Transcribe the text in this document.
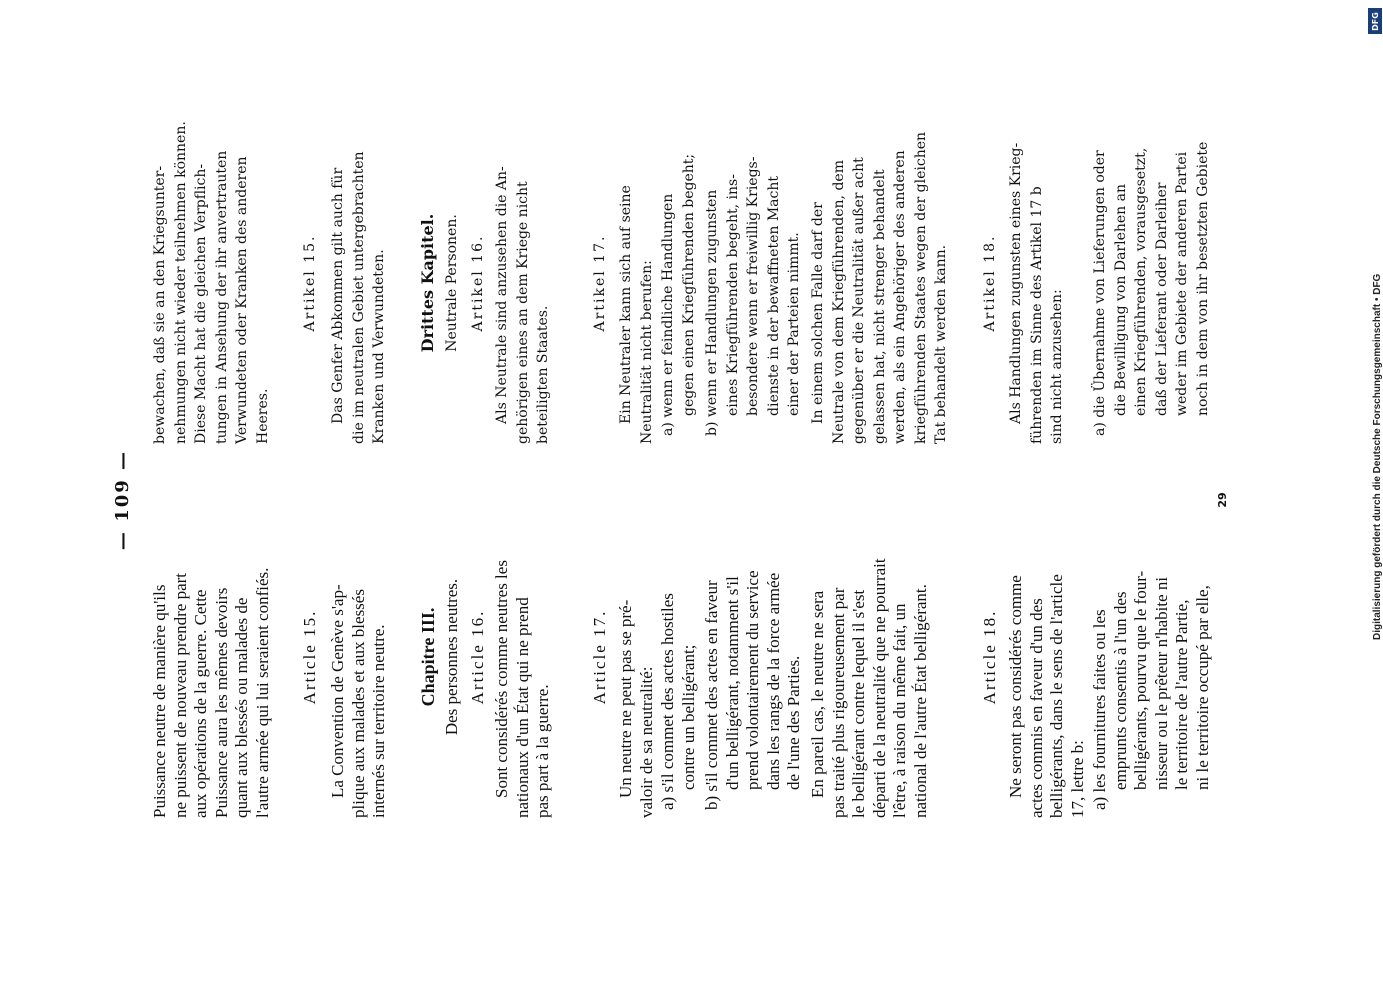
— 109 —
Puissance neutre de manière qu'ils ne puissent de nouveau prendre part aux opérations de la guerre. Cette Puissance aura les mêmes devoirs quant aux blessés ou malades de l'autre armée qui lui seraient confiés. Article 15. La Convention de Genève s'ap- plique aux malades et aux blessés internés sur territoire neutre. Chapitre III. Des personnes neutres. Article 16. Sont considérés comme neutres les nationaux d'un État qui ne prend pas part à la guerre.
Article 17. Un neutre ne peut pas se pré- valoir de sa neutralité: a) s'il commet des actes hostiles contre un belligérant; b) s'il commet des actes en faveur d'un belligérant, notamment s'il prend volontairement du service dans les rangs de la force armée de l'une des Parties. En pareil cas, le neutre ne sera pas traité plus rigoureusement par le belligérant contre lequel il s'est départi de la neutralité que ne pourrait l'être, à raison du même fait, un national de l'autre État belligérant.	Article 18. Ne seront pas considérés comme actes commis en faveur d'un des belligérants, dans le sens de l'article 17, lettre b: a) les fournitures faites ou les emprunts consentis à l'un des belligérants, pourvu que le four- nisseur ou le prêteur n'habite ni le territoire de l'autre Partie, ni le territoire occupé par elle,
bewachen, daß sie an den Kriegsunter- nehmungen nicht wieder teilnehmen können. Diese Macht hat die gleichen Verpflich- tungen in Ansehung der ihr anvertrauten Verwundeten oder Kranken des anderen Heeres.
Artikel 15. Das Genfer Abkommen gilt auch für die im neutralen Gebiet untergebrachten Kranken und Verwundeten. Drittes Kapitel. Neutrale Personen. Artikel 16. Als Neutrale sind anzusehen die An- gehörigen eines an dem Kriege nicht beteiligten Staates.
Artikel 17. Ein Neutraler kann sich auf seine Neutralität nicht berufen: a) wenn er feindliche Handlungen gegen einen Kriegführenden begeht; b) wenn er Handlungen zugunsten eines Kriegführenden begeht, ins- besondere wenn er freiwillig Kriegs- dienste in der bewaffneten Macht einer der Parteien nimmt. In einem solchen Falle darf der Neutrale von dem Kriegführenden, dem gegenüber er die Neutralität außer acht gelassen hat, nicht strenger behandelt werden, als ein Angehöriger des anderen kriegführenden Staates wegen der gleichen Tat behandelt werden kann. Artikel 18. Als Handlungen zugunsten eines Krieg- führenden im Sinne des Artikel 17 b sind nicht anzusehen: a) die Übernahme von Lieferungen oder die Bewilligung von Darlehen an einen Kriegführenden, vorausgesetzt, daß der Lieferant oder Darleiher weder im Gebiete der anderen Partei noch in dem von ihr besetzten Gebiete
29
DFG
Digitalisierung gefördert durch die Deutsche Forschungsgemeinschaft • DFG
